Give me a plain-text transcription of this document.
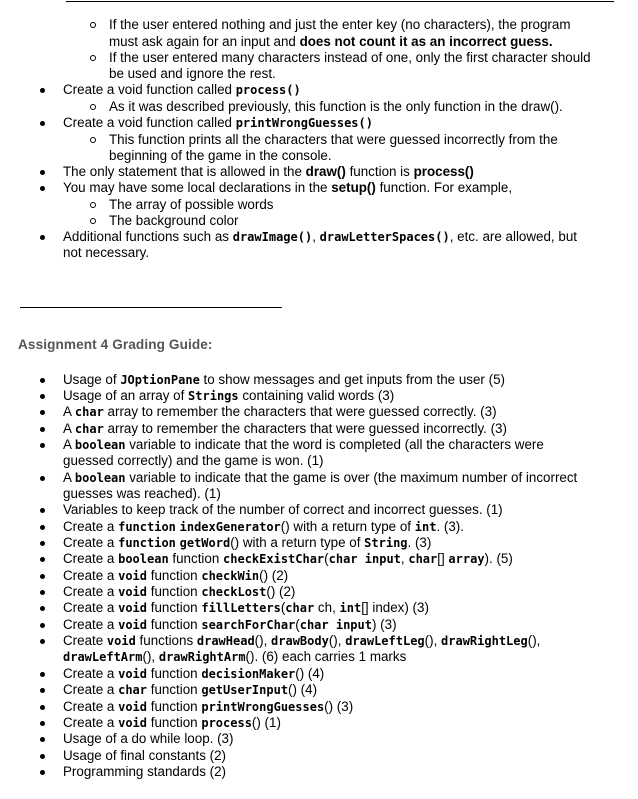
If the user entered nothing and just the enter key (no characters), the program
must ask again for an input and does not count it as an incorrect guess.
If the user entered many characters instead of one, only the first character should
be used and ignore the rest.
Create a void function called process()
As it was described previously, this function is the only function in the draw().
Create a void function called printWrongGuesses()
This function prints all the characters that were guessed incorrectly from the
beginning of the game in the console.
The only statement that is allowed in the draw() function is process()
You may have some local declarations in the setup() function. For example,
The array of possible words
The background color
Additional functions such as drawImage(), drawLetterSpaces(), etc. are allowed, but
not necessary.
Assignment 4 Grading Guide:
Usage of JOptionPane to show messages and get inputs from the user (5)
Usage of an array of Strings containing valid words (3)
A char array to remember the characters that were guessed correctly. (3)
A char array to remember the characters that were guessed incorrectly. (3)
A boolean variable to indicate that the word is completed (all the characters were
guessed correctly) and the game is won. (1)
A boolean variable to indicate that the game is over (the maximum number of incorrect
guesses was reached). (1)
Variables to keep track of the number of correct and incorrect guesses. (1)
Create a function indexGenerator() with a return type of int. (3).
Create a function getWord() with a return type of String. (3)
Create a boolean function checkExistChar(char input, char[] array). (5)
Create a void function checkWin() (2)
Create a void function checkLost() (2)
Create a void function fillLetters(char ch, int[] index) (3)
Create a void function searchForChar(char input) (3)
Create void functions drawHead(), drawBody(), drawLeftLeg(), drawRightLeg(),
drawLeftArm(), drawRightArm(). (6) each carries 1 marks
Create a void function decisionMaker() (4)
Create a char function getUserInput() (4)
Create a void function printWrongGuesses() (3)
Create a void function process() (1)
Usage of a do while loop. (3)
Usage of final constants (2)
Programming standards (2)
